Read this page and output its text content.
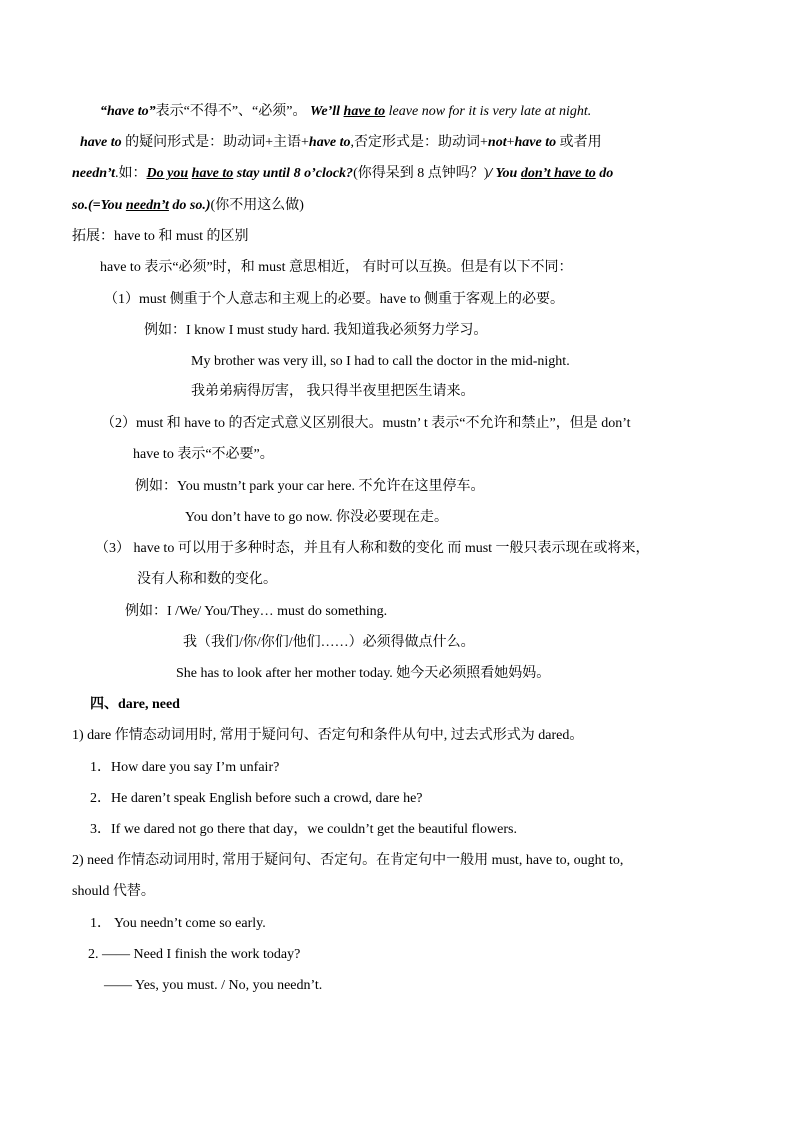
“have to”表示“不得不”、“必须”。 We’ll have to leave now for it is very late at night.
have to 的疑问形式是：助动词+主语+have to,否定形式是：助动词+not+have to 或者用
needn’t.如：Do you have to stay until 8 o’clock?(你得呆到 8 点钟吗？)/ You don’t have to do
so.(=You needn’t do so.)(你不用这么做)
拓展：have to 和 must 的区别
have to 表示“必须”时，和 must 意思相近， 有时可以互换。但是有以下不同：
（1）must 侧重于个人意志和主观上的必要。have to 侧重于客观上的必要。
例如：I know I must study hard. 我知道我必须努力学习。
My brother was very ill, so I had to call the doctor in the mid-night.
我弟弟病得厉害， 我只得半夜里把医生请来。
（2）must 和 have to 的否定式意义区别很大。mustn’ t 表示“不允许和禁止”，但是 don’t
have to 表示“不必要”。
例如：You mustn’t park your car here. 不允许在这里停车。
You don’t have to go now. 你没必要现在走。
（3） have to 可以用于多种时态，并且有人称和数的变化 而 must 一般只表示现在或将来，
没有人称和数的变化。
例如：I /We/ You/They… must do something.
我（我们/你/你们/他们……）必须得做点什么。
She has to look after her mother today. 她今天必须照看她妈妈。
四、dare, need
1) dare 作情态动词用时, 常用于疑问句、否定句和条件从句中, 过去式形式为 dared。
1．How dare you say I’m unfair?
2．He daren’t speak English before such a crowd, dare he?
3．If we dared not go there that day，we couldn’t get the beautiful flowers.
2) need 作情态动词用时, 常用于疑问句、否定句。在肯定句中一般用 must, have to, ought to,
should 代替。
1． You needn’t come so early.
2. —— Need I finish the work today?
—— Yes, you must. / No, you needn’t.
